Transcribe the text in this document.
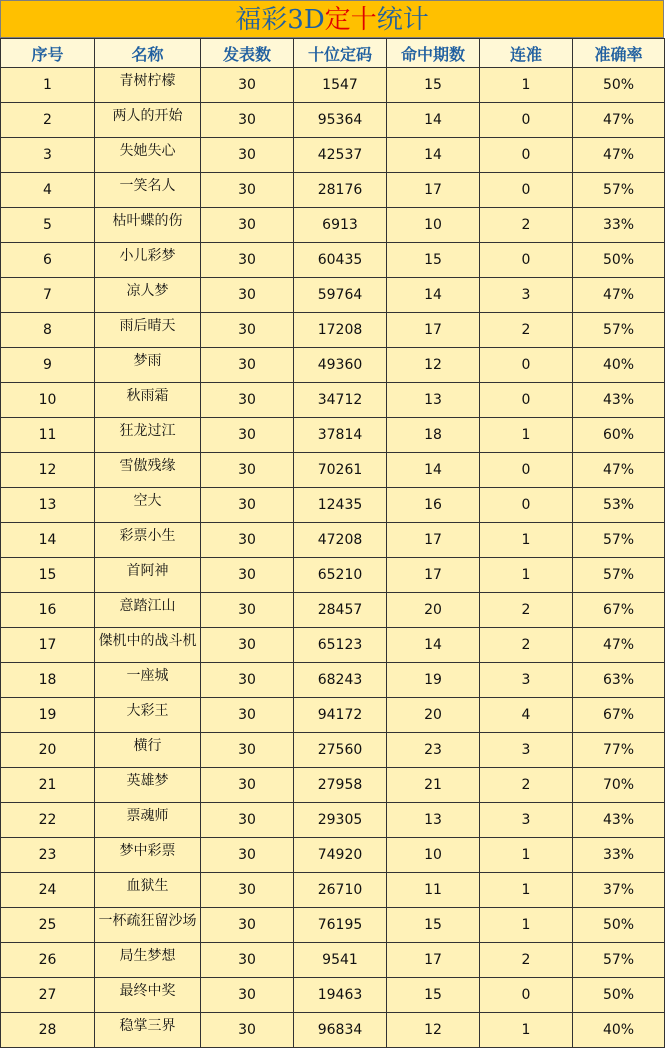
福彩3D定十统计
序号	名称	发表数	十位定码	命中期数	连准	准确率
1	青树柠檬	30	1547	15	1	50%
2	两人的开始	30	95364	14	0	47%
3	失她失心	30	42537	14	0	47%
4	一笑名人	30	28176	17	0	57%
5	枯叶蝶的伤	30	6913	10	2	33%
6	小儿彩梦	30	60435	15	0	50%
7	凉人梦	30	59764	14	3	47%
8	雨后晴天	30	17208	17	2	57%
9	梦雨	30	49360	12	0	40%
10	秋雨霜	30	34712	13	0	43%
11	狂龙过江	30	37814	18	1	60%
12	雪傲残缘	30	70261	14	0	47%
13	空大	30	12435	16	0	53%
14	彩票小生	30	47208	17	1	57%
15	首阿神	30	65210	17	1	57%
16	意踏江山	30	28457	20	2	67%
17	傑机中的战斗机	30	65123	14	2	47%
18	一座城	30	68243	19	3	63%
19	大彩王	30	94172	20	4	67%
20	横行	30	27560	23	3	77%
21	英雄梦	30	27958	21	2	70%
22	票魂师	30	29305	13	3	43%
23	梦中彩票	30	74920	10	1	33%
24	血狱生	30	26710	11	1	37%
25	一杯疏狂留沙场	30	76195	15	1	50%
26	局生梦想	30	9541	17	2	57%
27	最终中奖	30	19463	15	0	50%
28	稳掌三界	30	96834	12	1	40%
